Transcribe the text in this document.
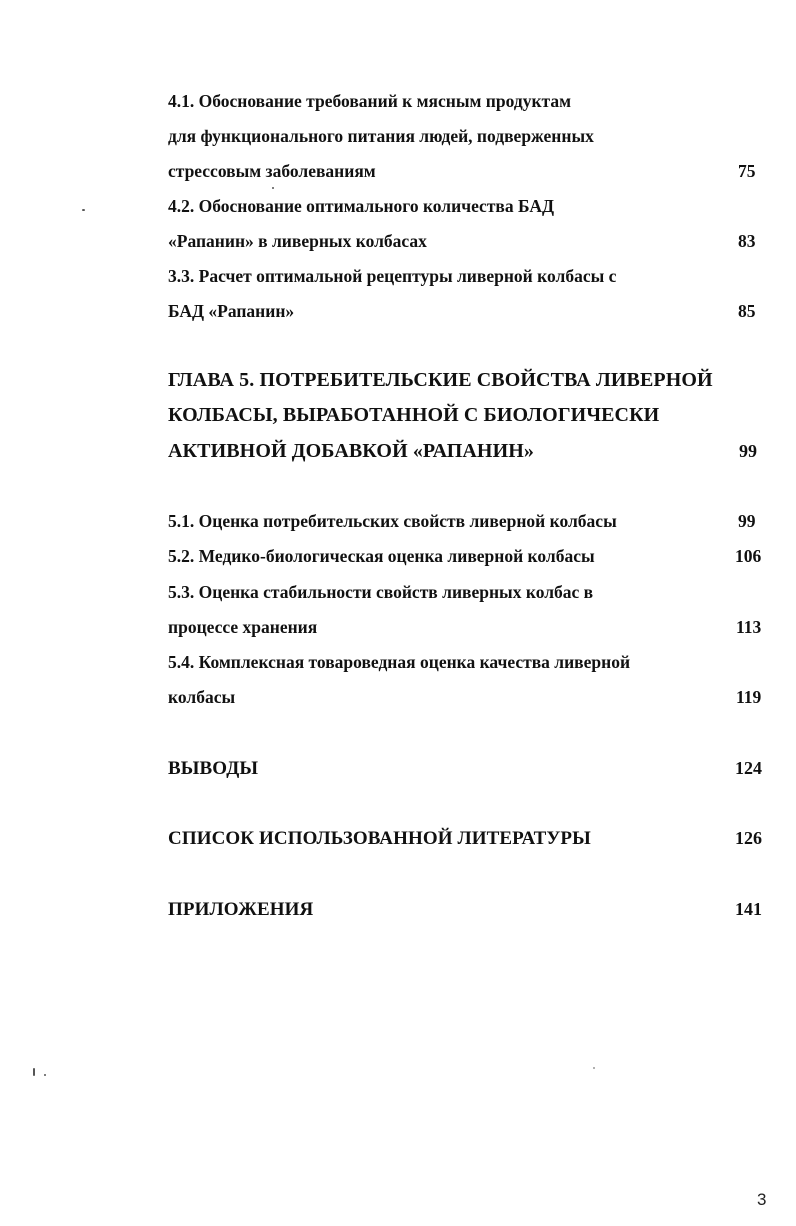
4.1. Обоснование требований к мясным продуктам
для функционального питания людей, подверженных
стрессовым заболеваниям	75
4.2. Обоснование оптимального количества БАД
«Рапанин» в ливерных колбасах	83
3.3. Расчет оптимальной рецептуры ливерной колбасы с
БАД «Рапанин»	85
ГЛАВА 5. ПОТРЕБИТЕЛЬСКИЕ СВОЙСТВА ЛИВЕРНОЙ
КОЛБАСЫ, ВЫРАБОТАННОЙ С БИОЛОГИЧЕСКИ
АКТИВНОЙ ДОБАВКОЙ «РАПАНИН»	99
5.1. Оценка потребительских свойств ливерной колбасы	99
5.2. Медико-биологическая оценка ливерной колбасы	106
5.3. Оценка стабильности свойств ливерных колбас в
процессе хранения	113
5.4. Комплексная товароведная оценка качества ливерной
колбасы	119
ВЫВОДЫ	124
СПИСОК ИСПОЛЬЗОВАННОЙ ЛИТЕРАТУРЫ	126
ПРИЛОЖЕНИЯ	141
3
